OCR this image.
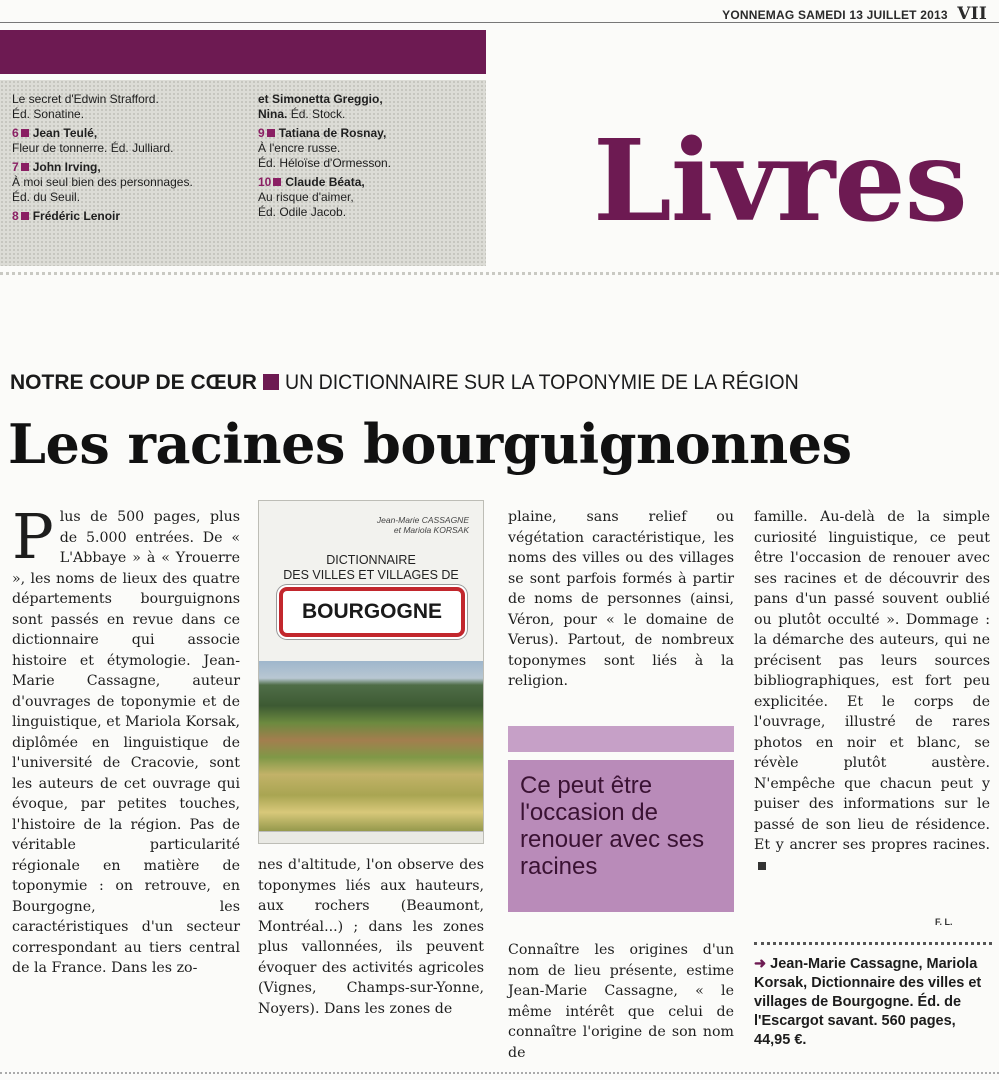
YONNEMAG SAMEDI 13 JUILLET 2013 VII
Le secret d'Edwin Strafford.
Éd. Sonatine.
6 Jean Teulé,
Fleur de tonnerre. Éd. Julliard.
7 John Irving,
À moi seul bien des personnages.
Éd. du Seuil.
8 Frédéric Lenoir
et Simonetta Greggio,
Nina. Éd. Stock.
9 Tatiana de Rosnay,
À l'encre russe.
Éd. Héloïse d'Ormesson.
10 Claude Béata,
Au risque d'aimer,
Éd. Odile Jacob.	Livres
NOTRE COUP DE CŒUR UN DICTIONNAIRE SUR LA TOPONYMIE DE LA RÉGION
Les racines bourguignonnes
Plus de 500 pages, plus de 5.000 entrées. De « L'Abbaye » à « Yrouerre », les noms de lieux des quatre départements bourguignons sont passés en revue dans ce dictionnaire qui associe histoire et étymologie. Jean-Marie Cassagne, auteur d'ouvrages de toponymie et de linguistique, et Mariola Korsak, diplômée en linguistique de l'université de Cracovie, sont les auteurs de cet ouvrage qui évoque, par petites touches, l'histoire de la région. Pas de véritable particularité régionale en matière de toponymie : on retrouve, en Bourgogne, les caractéristiques d'un secteur correspondant au tiers central de la France. Dans les zo-
Jean-Marie CASSAGNE
et Mariola KORSAK
DICTIONNAIRE
DES VILLES ET VILLAGES DE
BOURGOGNE
nes d'altitude, l'on observe des toponymes liés aux hauteurs, aux rochers (Beaumont, Montréal...) ; dans les zones plus vallonnées, ils peuvent évoquer des activités agricoles (Vignes, Champs-sur-Yonne, Noyers). Dans les zones de
plaine, sans relief ou végétation caractéristique, les noms des villes ou des villages se sont parfois formés à partir de noms de personnes (ainsi, Véron, pour « le domaine de Verus). Partout, de nombreux toponymes sont liés à la religion.
Ce peut être l'occasion de renouer avec ses racines
Connaître les origines d'un nom de lieu présente, estime Jean-Marie Cassagne, « le même intérêt que celui de connaître l'origine de son nom de
famille. Au-delà de la simple curiosité linguistique, ce peut être l'occasion de renouer avec ses racines et de découvrir des pans d'un passé souvent oublié ou plutôt occulté ». Dommage : la démarche des auteurs, qui ne précisent pas leurs sources bibliographiques, est fort peu explicitée. Et le corps de l'ouvrage, illustré de rares photos en noir et blanc, se révèle plutôt austère. N'empêche que chacun peut y puiser des informations sur le passé de son lieu de résidence. Et y ancrer ses propres racines.
F. L.
➜ Jean-Marie Cassagne, Mariola Korsak, Dictionnaire des villes et villages de Bourgogne. Éd. de l'Escargot savant. 560 pages, 44,95 €.
